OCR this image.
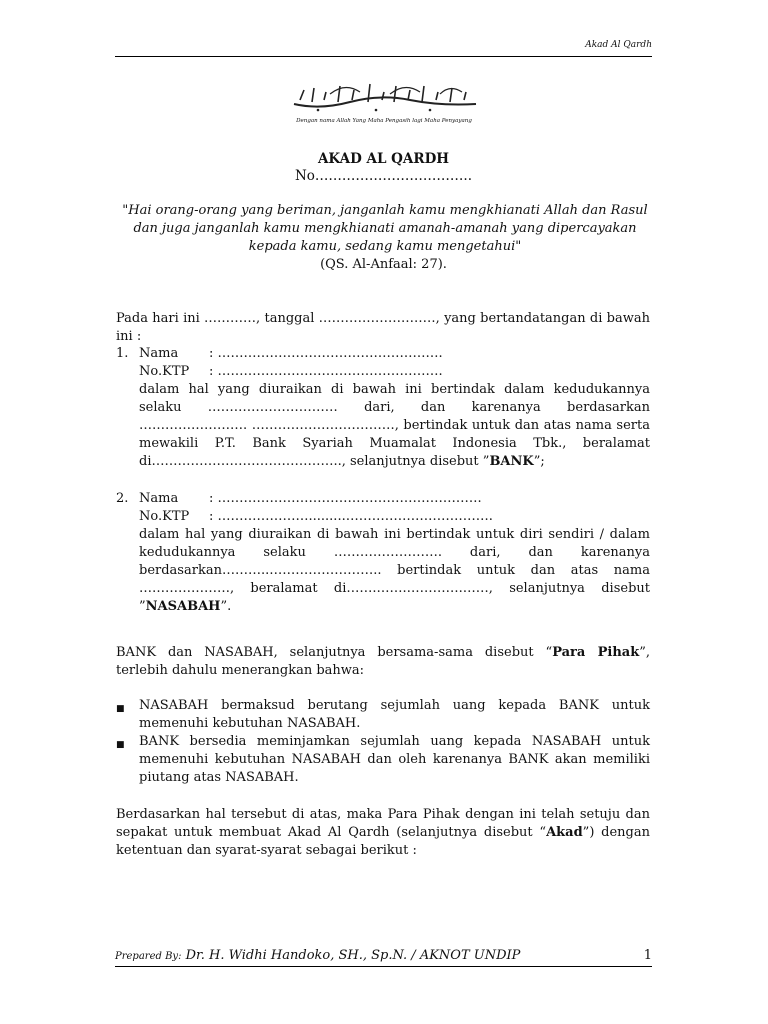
Akad Al Qardh
Dengan nama Allah Yang Maha Pengasih lagi Maha Penyayang
AKAD AL QARDH
No……………………………..
"Hai orang-orang yang beriman, janganlah kamu mengkhianati Allah dan Rasul dan juga janganlah kamu mengkhianati amanah-amanah yang dipercayakan kepada kamu, sedang kamu mengetahui"
(QS. Al-Anfaal: 27).
Pada hari ini …………, tanggal ………………………, yang bertandatangan di bawah ini :
1. Nama : …………………………………………….
No.KTP : …………………………………………….
dalam hal yang diuraikan di bawah ini bertindak dalam kedudukannya selaku ………………………… dari, dan karenanya berdasarkan ……………………. ……………………………, bertindak untuk dan atas nama serta mewakili P.T. Bank Syariah Muamalat Indonesia Tbk., beralamat di…………………………………….., selanjutnya disebut ”BANK”;
2. Nama : …………………………………………………….
No.KTP : ………………….........…………………………….
dalam hal yang diuraikan di bawah ini bertindak untuk diri sendiri / dalam kedudukannya selaku ……………………. dari, dan karenanya berdasarkan………..…………………….. bertindak untuk dan atas nama …………………, beralamat di…….…….………….……, selanjutnya disebut ”NASABAH”.
BANK dan NASABAH, selanjutnya bersama-sama disebut “Para Pihak”, terlebih dahulu menerangkan bahwa:
■	NASABAH bermaksud berutang sejumlah uang kepada BANK untuk memenuhi kebutuhan NASABAH.
■	BANK bersedia meminjamkan sejumlah uang kepada NASABAH untuk memenuhi kebutuhan NASABAH dan oleh karenanya BANK akan memiliki piutang atas NASABAH.
Berdasarkan hal tersebut di atas, maka Para Pihak dengan ini telah setuju dan sepakat untuk membuat Akad Al Qardh (selanjutnya disebut “Akad”) dengan ketentuan dan syarat-syarat sebagai berikut :
Prepared By: Dr. H. Widhi Handoko, SH., Sp.N. / AKNOT UNDIP	1
